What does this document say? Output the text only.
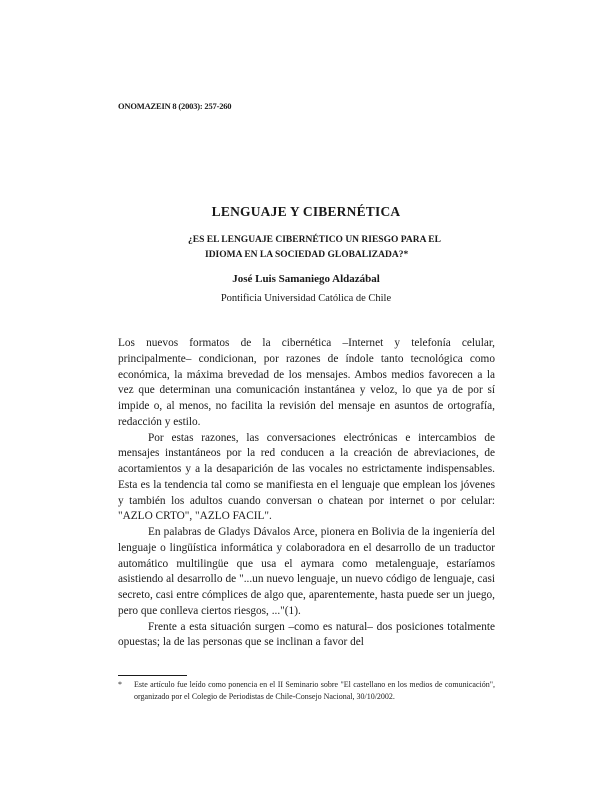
ONOMAZEIN 8 (2003): 257-260
LENGUAJE Y CIBERNÉTICA
¿ES EL LENGUAJE CIBERNÉTICO UN RIESGO PARA EL
IDIOMA EN LA SOCIEDAD GLOBALIZADA?*
José Luis Samaniego Aldazábal
Pontificia Universidad Católica de Chile

Los nuevos formatos de la cibernética –Internet y telefonía celular, principalmente– condicionan, por razones de índole tanto tecnológica como económica, la máxima brevedad de los mensajes. Ambos medios favorecen a la vez que determinan una comunicación instantánea y veloz, lo que ya de por sí impide o, al menos, no facilita la revisión del mensaje en asuntos de ortografía, redacción y estilo.

Por estas razones, las conversaciones electrónicas e intercambios de mensajes instantáneos por la red conducen a la creación de abreviaciones, de acortamientos y a la desaparición de las vocales no estrictamente indispensables. Esta es la tendencia tal como se manifiesta en el lenguaje que emplean los jóvenes y también los adultos cuando conversan o chatean por internet o por celular: "AZLO CRTO", "AZLO FACIL".

En palabras de Gladys Dávalos Arce, pionera en Bolivia de la ingeniería del lenguaje o lingüística informática y colaboradora en el desarrollo de un traductor automático multilingüe que usa el aymara como metalenguaje, estaríamos asistiendo al desarrollo de "...un nuevo lenguaje, un nuevo código de lenguaje, casi secreto, casi entre cómplices de algo que, aparentemente, hasta puede ser un juego, pero que conlleva ciertos riesgos, ..."(1).

Frente a esta situación surgen –como es natural– dos posiciones totalmente opuestas; la de las personas que se inclinan a favor del

* Este artículo fue leído como ponencia en el II Seminario sobre "El castellano en los medios de comunicación", organizado por el Colegio de Periodistas de Chile-Consejo Nacional, 30/10/2002.
